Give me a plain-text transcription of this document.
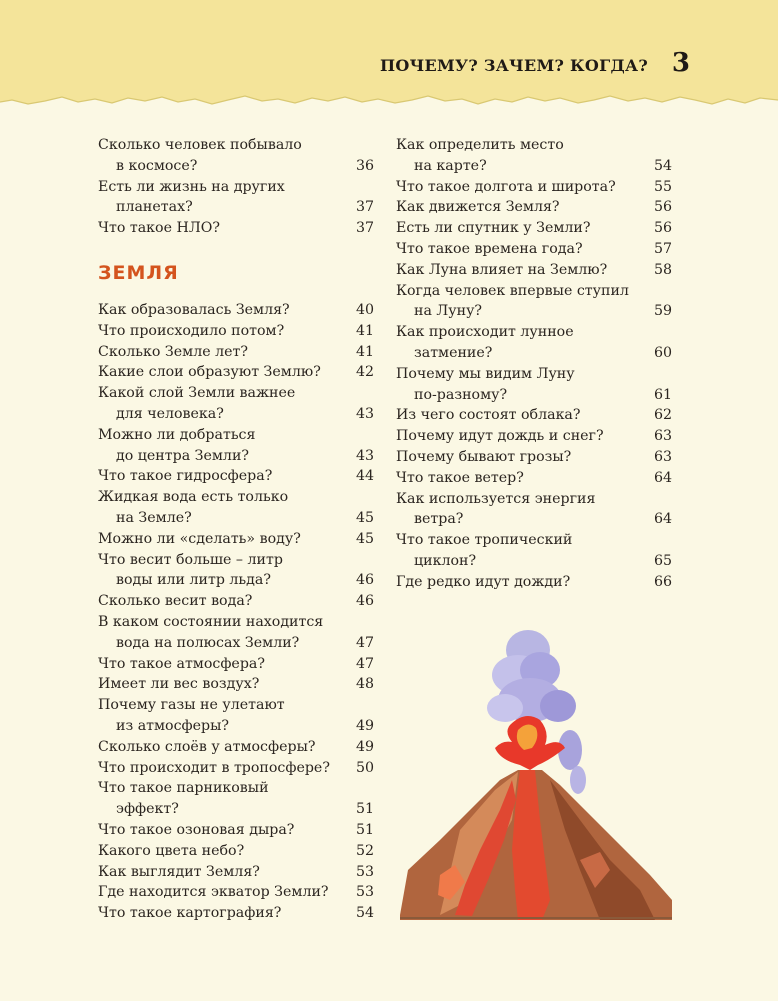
ПОЧЕМУ? ЗАЧЕМ? КОГДА? 3
Сколько человек побывало
в космосе?	36
Есть ли жизнь на других
планетах?	37
Что такое НЛО?	37
ЗЕМЛЯ
Как образовалась Земля?	40
Что происходило потом?	41
Сколько Земле лет?	41
Какие слои образуют Землю?	42
Какой слой Земли важнее
для человека?	43
Можно ли добраться
до центра Земли?	43
Что такое гидросфера?	44
Жидкая вода есть только
на Земле?	45
Можно ли «сделать» воду?	45
Что весит больше – литр
воды или литр льда?	46
Сколько весит вода?	46
В каком состоянии находится
вода на полюсах Земли?	47
Что такое атмосфера?	47
Имеет ли вес воздух?	48
Почему газы не улетают
из атмосферы?	49
Сколько слоёв у атмосферы?	49
Что происходит в тропосфере?	50
Что такое парниковый
эффект?	51
Что такое озоновая дыра?	51
Какого цвета небо?	52
Как выглядит Земля?	53
Где находится экватор Земли?	53
Что такое картография?	54
Как определить место
на карте?	54
Что такое долгота и широта?	55
Как движется Земля?	56
Есть ли спутник у Земли?	56
Что такое времена года?	57
Как Луна влияет на Землю?	58
Когда человек впервые ступил
на Луну?	59
Как происходит лунное
затмение?	60
Почему мы видим Луну
по-разному?	61
Из чего состоят облака?	62
Почему идут дождь и снег?	63
Почему бывают грозы?	63
Что такое ветер?	64
Как используется энергия
ветра?	64
Что такое тропический
циклон?	65
Где редко идут дожди?	66
